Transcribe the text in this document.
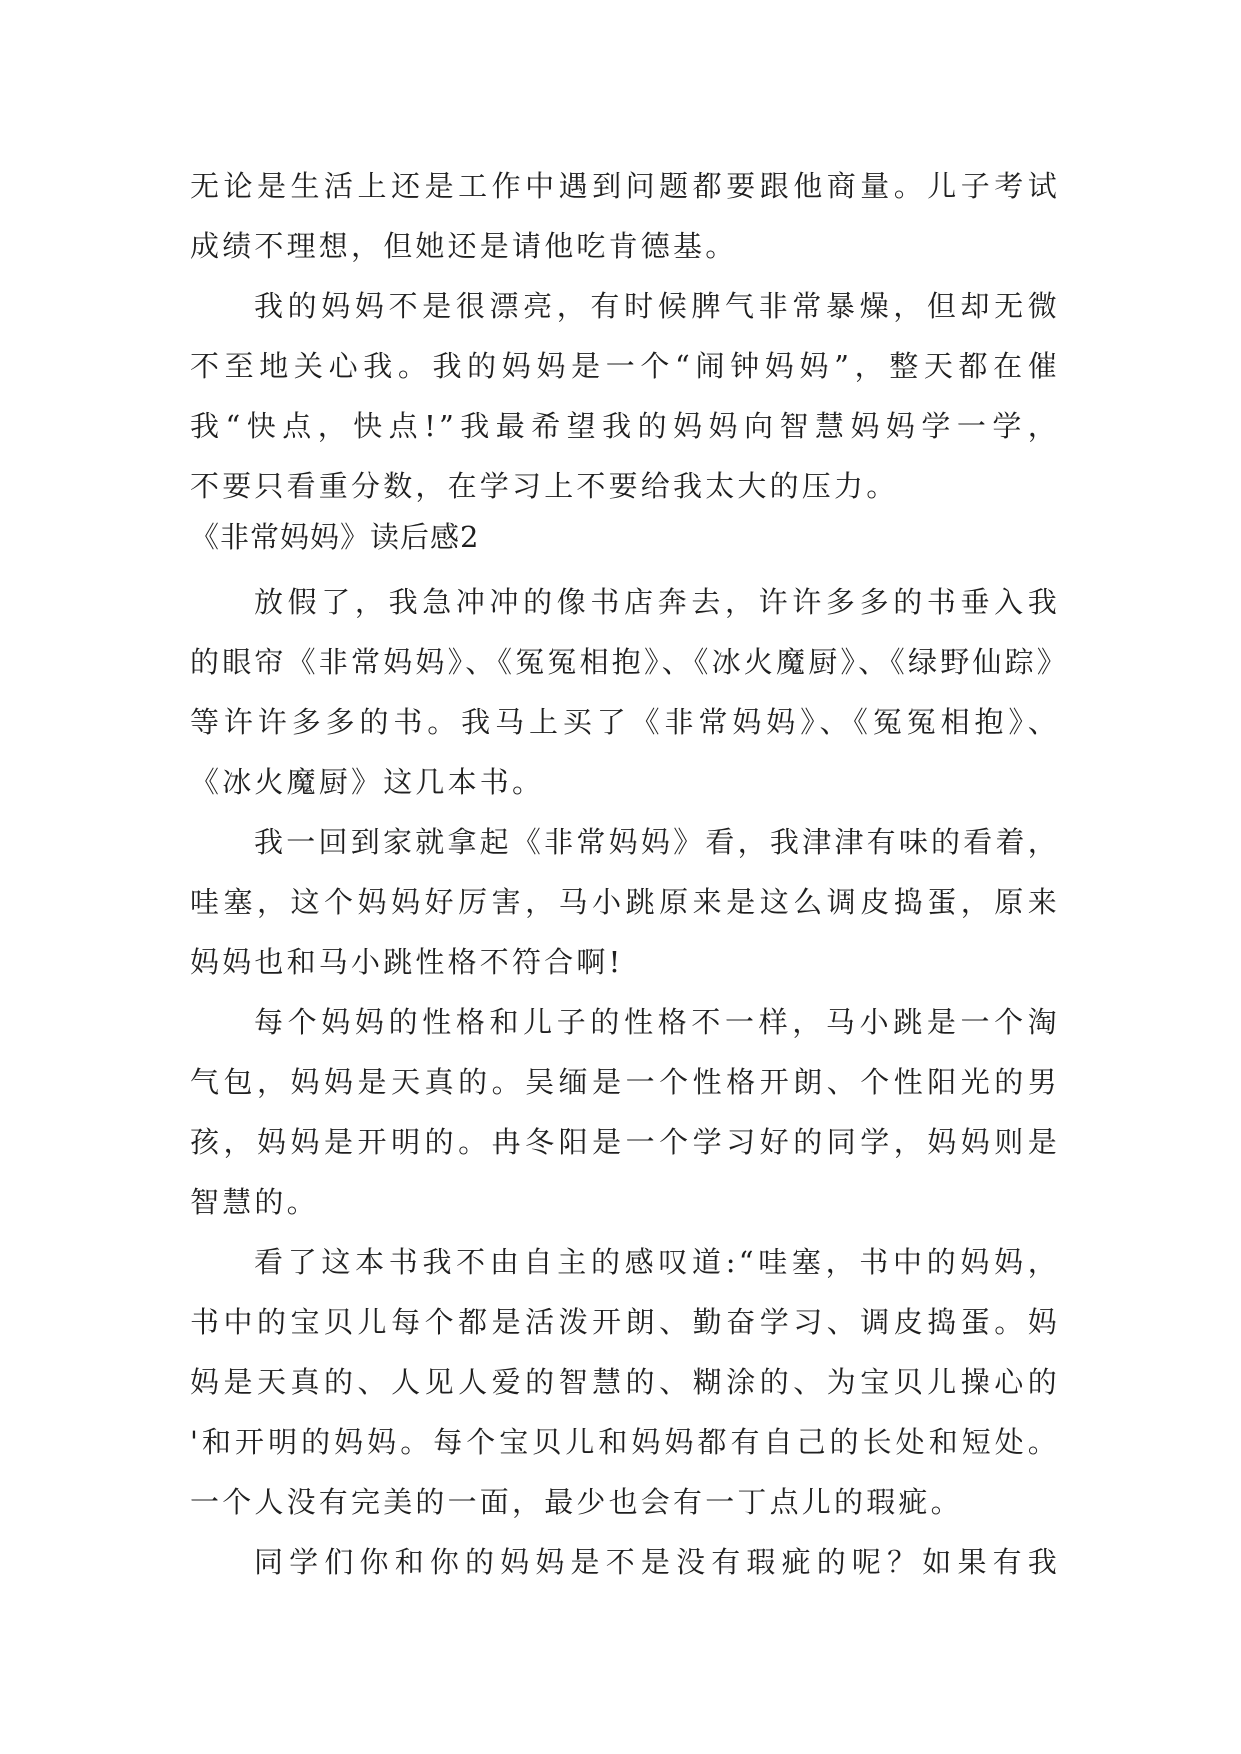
无论是生活上还是工作中遇到问题都要跟他商量。儿子考试
成绩不理想，但她还是请他吃肯德基。
我的妈妈不是很漂亮，有时候脾气非常暴燥，但却无微
不至地关心我。我的妈妈是一个“闹钟妈妈”，整天都在催
我“快点，快点!”我最希望我的妈妈向智慧妈妈学一学，
不要只看重分数，在学习上不要给我太大的压力。
《非常妈妈》读后感2
放假了，我急冲冲的像书店奔去，许许多多的书垂入我
的眼帘《非常妈妈》、《冤冤相抱》、《冰火魔厨》、《绿野仙踪》
等许许多多的书。我马上买了《非常妈妈》、《冤冤相抱》、
《冰火魔厨》这几本书。
我一回到家就拿起《非常妈妈》看，我津津有味的看着，
哇塞，这个妈妈好厉害，马小跳原来是这么调皮捣蛋，原来
妈妈也和马小跳性格不符合啊!
每个妈妈的性格和儿子的性格不一样，马小跳是一个淘
气包，妈妈是天真的。吴缅是一个性格开朗、个性阳光的男
孩，妈妈是开明的。冉冬阳是一个学习好的同学，妈妈则是
智慧的。
看了这本书我不由自主的感叹道:“哇塞，书中的妈妈，
书中的宝贝儿每个都是活泼开朗、勤奋学习、调皮捣蛋。妈
妈是天真的、人见人爱的智慧的、糊涂的、为宝贝儿操心的
'和开明的妈妈。每个宝贝儿和妈妈都有自己的长处和短处。
一个人没有完美的一面，最少也会有一丁点儿的瑕疵。
同学们你和你的妈妈是不是没有瑕疵的呢？如果有我
